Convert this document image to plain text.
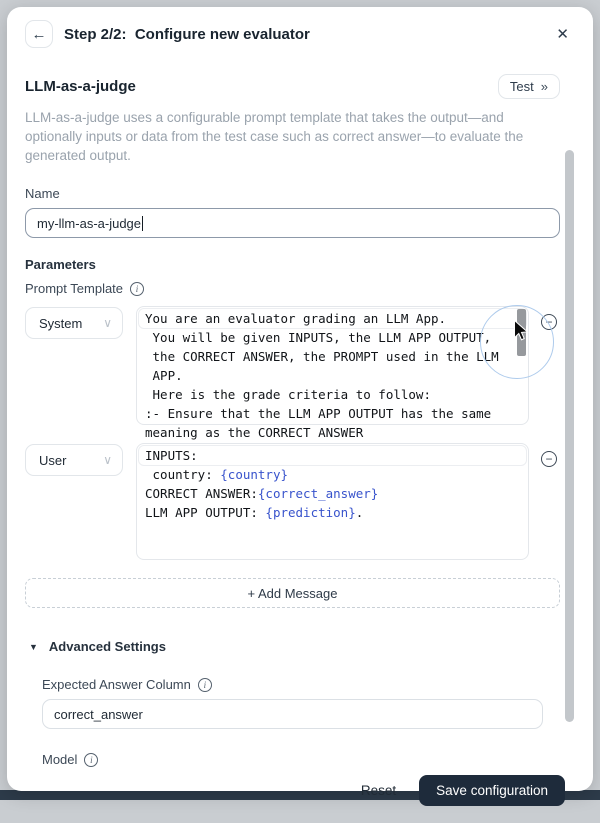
← Step 2/2:  Configure new evaluator	✕
LLM-as-a-judge	Test »
LLM-as-a-judge uses a configurable prompt template that takes the output—and optionally inputs or data from the test case such as correct answer—to evaluate the generated output.
Name
my-llm-as-a-judge
Parameters
Prompt Template	i
System ∨	You are an evaluator grading an LLM App.
You will be given INPUTS, the LLM APP OUTPUT,
the CORRECT ANSWER, the PROMPT used in the LLM
APP.
Here is the grade criteria to follow:
:- Ensure that the LLM APP OUTPUT has the same
meaning as the CORRECT ANSWER
−
User	∨	INPUTS:
country: {country}
CORRECT ANSWER:{correct_answer}
LLM APP OUTPUT: {prediction}.
−
+ Add Message
▼ Advanced Settings
Expected Answer Column	i
correct_answer
Model	i
Reset	Save configuration
